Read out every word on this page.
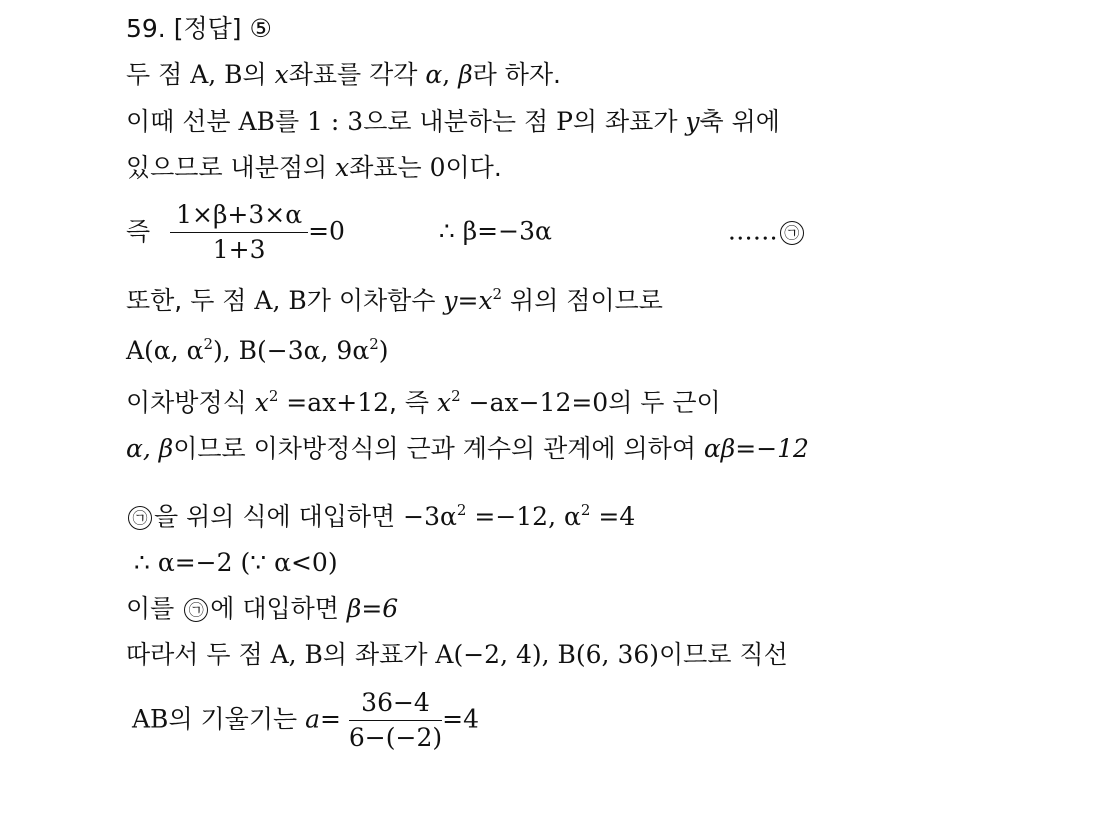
59. [정답] ⑤
두 점 A, B의 x좌표를 각각 α, β라 하자.
이때 선분 AB를 1 : 3으로 내분하는 점 P의 좌표가 y축 위에
있으므로 내분점의 x좌표는 0이다.
즉 $\frac{1\times\beta+3\times\alpha}{1+3} =0$	∴ β=−3α	…… ㉠
또한, 두 점 A, B가 이차함수 $y=x^2$ 위의 점이므로
A(α, $\alpha^2$), B(−3α, $9\alpha^2$)
이차방정식 $x^2 =ax+12$, 즉 $x^2 -ax-12=0$의 두 근이
α, β이므로 이차방정식의 근과 계수의 관계에 의하여 αβ=−12
㉠ 을 위의 식에 대입하면 $-3\alpha^2 =-12$, $\alpha^2 =4$
∴ α=−2 (∵ α<0)
이를 ㉠ 에 대입하면 β=6
따라서 두 점 A, B의 좌표가 A(−2, 4), B(6, 36)이므로 직선
AB의 기울기는 $a= \frac{36-4}{6-(-2)} =4$
